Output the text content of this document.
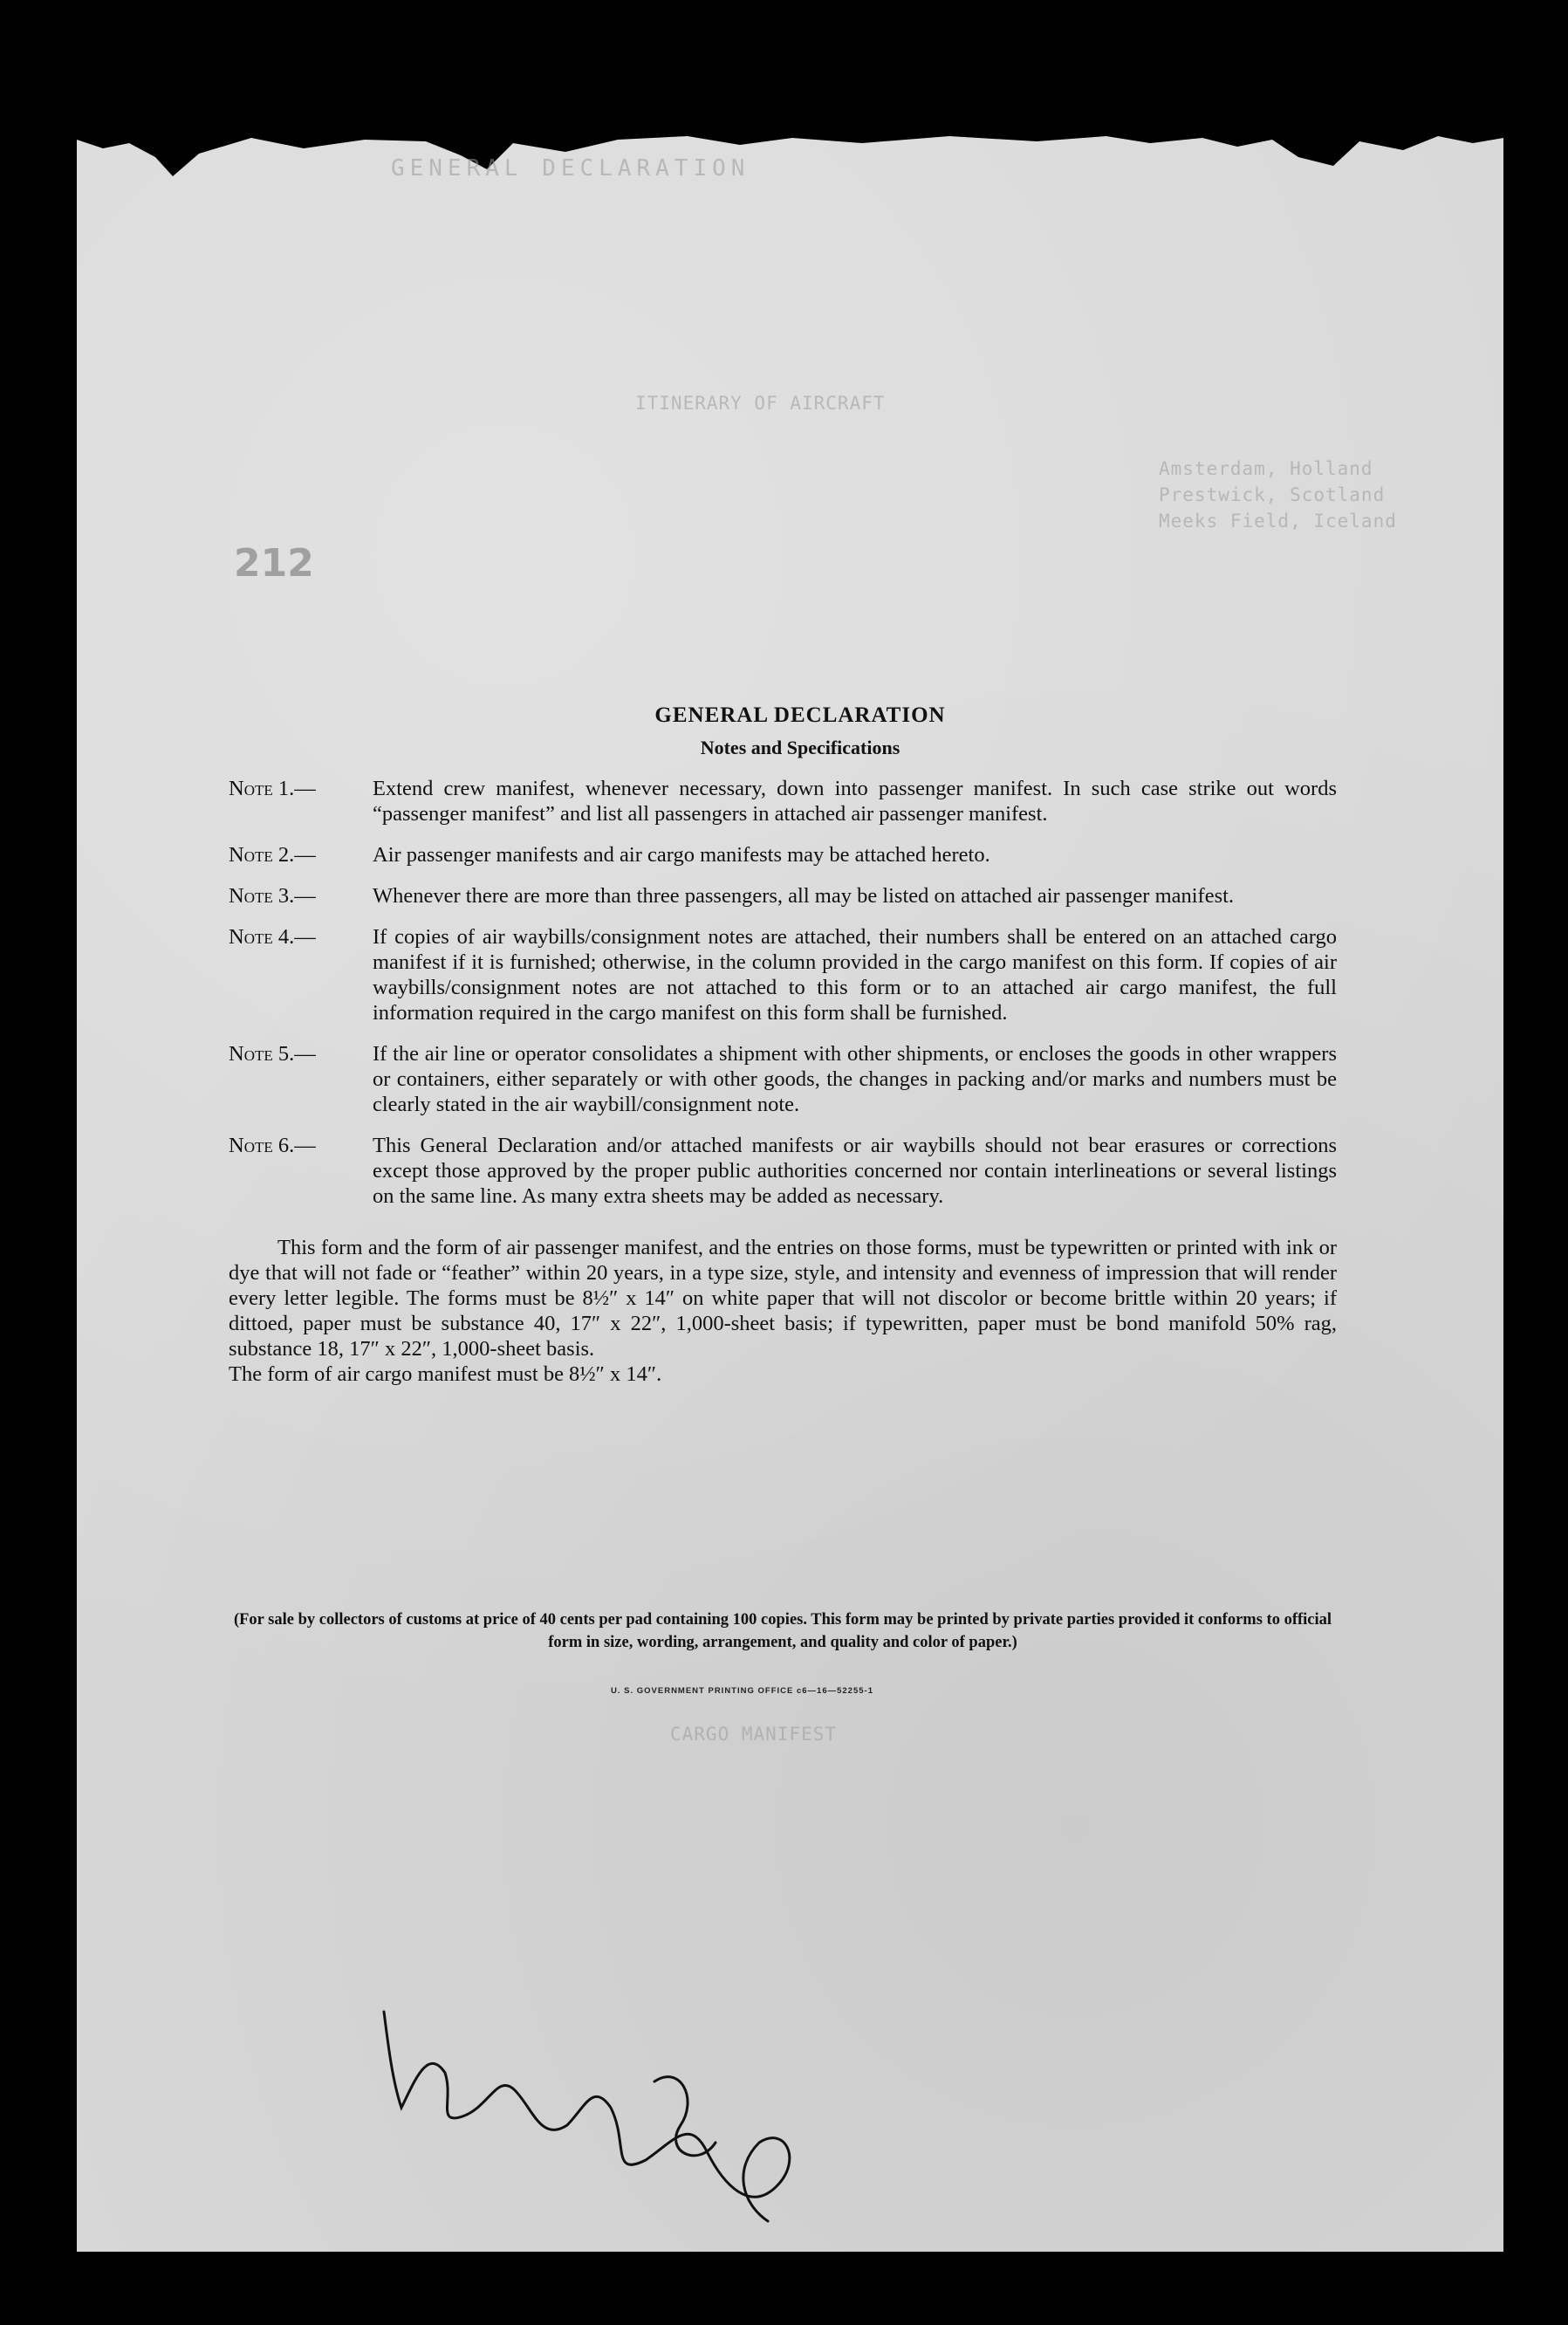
GENERAL DECLARATION
ITINERARY OF AIRCRAFT
Amsterdam, Holland
Prestwick, Scotland
Meeks Field, Iceland
212
CARGO MANIFEST
GENERAL DECLARATION
Notes and Specifications
Note 1.—	Extend crew manifest, whenever necessary, down into passenger manifest. In such case strike out words “passenger manifest” and list all passengers in attached air passenger manifest.
Note 2.—	Air passenger manifests and air cargo manifests may be attached hereto.
Note 3.—	Whenever there are more than three passengers, all may be listed on attached air passenger manifest.
Note 4.—	If copies of air waybills/consignment notes are attached, their numbers shall be entered on an attached cargo manifest if it is furnished; otherwise, in the column provided in the cargo manifest on this form. If copies of air waybills/consignment notes are not attached to this form or to an attached air cargo manifest, the full information required in the cargo manifest on this form shall be furnished.
Note 5.—	If the air line or operator consolidates a shipment with other shipments, or encloses the goods in other wrappers or containers, either separately or with other goods, the changes in packing and/or marks and numbers must be clearly stated in the air waybill/consignment note.
Note 6.—	This General Declaration and/or attached manifests or air waybills should not bear erasures or corrections except those approved by the proper public authorities concerned nor contain interlineations or several listings on the same line. As many extra sheets may be added as necessary.
This form and the form of air passenger manifest, and the entries on those forms, must be typewritten or printed with ink or dye that will not fade or “feather” within 20 years, in a type size, style, and intensity and evenness of impression that will render every letter legible. The forms must be 8½″ x 14″ on white paper that will not discolor or become brittle within 20 years; if dittoed, paper must be substance 40, 17″ x 22″, 1,000-sheet basis; if typewritten, paper must be bond manifold 50% rag, substance 18, 17″ x 22″, 1,000-sheet basis.
The form of air cargo manifest must be 8½″ x 14″.
(For sale by collectors of customs at price of 40 cents per pad containing 100 copies. This form may be printed by private parties provided it conforms to official form in size, wording, arrangement, and quality and color of paper.)
U. S. GOVERNMENT PRINTING OFFICE c6—16—52255-1
